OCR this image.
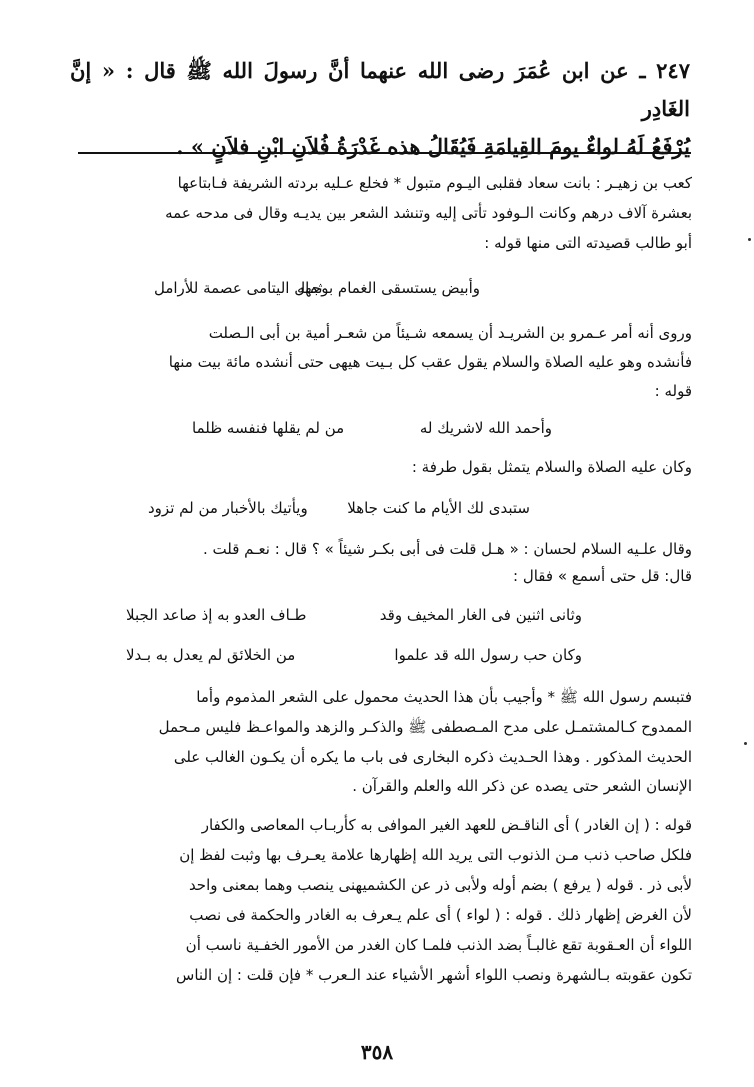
٢٤٧ ـ عن ابن عُمَرَ رضى الله عنهما أنَّ رسولَ الله ﷺ قال : « إنَّ الغَادِر
يُرْفَعُ لَهُ لواءٌ يومَ القِيامَةِ فَيُقَالُ هذه غَدْرَةُ فُلاَنِ ابْنِ فلاَنٍ » .
كعب بن زهيـر : بانت سعاد فقلبى اليـوم متبول * فخلع عـليه بردته الشريفة فـابتاعها
بعشرة آلاف درهم وكانت الـوفود تأتى إليه وتنشد الشعر بين يديـه وقال فى مدحه عمه
أبو طالب قصيدته التى منها قوله :
وأبيض يستسقى الغمام بوجهه
ثمال اليتامى عصمة للأرامل
وروى أنه أمر عـمرو بن الشريـد أن يسمعه شـيئاً من شعـر أمية بن أبى الـصلت
فأنشده وهو عليه الصلاة والسلام يقول عقب كل بـيت هيهى حتى أنشده مائة بيت منها
قوله :
وأحمد الله لاشريك له
من لم يقلها فنفسه ظلما
وكان عليه الصلاة والسلام يتمثل بقول طرفة :
ستبدى لك الأيام ما كنت جاهلا
ويأتيك بالأخبار من لم تزود
وقال علـيه السلام لحسان : « هـل قلت فى أبى بكـر شيئاً » ؟ قال : نعـم قلت .
قال: قل حتى أسمع » فقال :
وثانى اثنين فى الغار المخيف وقد
طـاف العدو به إذ صاعد الجبلا
وكان حب رسول الله قد علموا
من الخلائق لم يعدل به بـدلا
فتبسم رسول الله ﷺ * وأجيب بأن هذا الحديث محمول على الشعر المذموم وأما
الممدوح كـالمشتمـل على مدح المـصطفى ﷺ والذكـر والزهد والمواعـظ فليس مـحمل
الحديث المذكور . وهذا الحـديث ذكره البخارى فى باب ما يكره أن يكـون الغالب على
الإنسان الشعر حتى يصده عن ذكر الله والعلم والقرآن .
قوله : ( إن الغادر ) أى الناقـض للعهد الغير الموافى به كأربـاب المعاصى والكفار
فلكل صاحب ذنب مـن الذنوب التى يريد الله إظهارها علامة يعـرف بها وثبت لفظ إن
لأبى ذر . قوله ( يرفع ) بضم أوله ولأبى ذر عن الكشميهنى ينصب وهما بمعنى واحد
لأن الغرض إظهار ذلك . قوله : ( لواء ) أى علم يـعرف به الغادر والحكمة فى نصب
اللواء أن العـقوبة تقع غالبـاً بضد الذنب فلمـا كان الغدر من الأمور الخفـية ناسب أن
تكون عقوبته بـالشهرة ونصب اللواء أشهر الأشياء عند الـعرب * فإن قلت : إن الناس
٣٥٨
